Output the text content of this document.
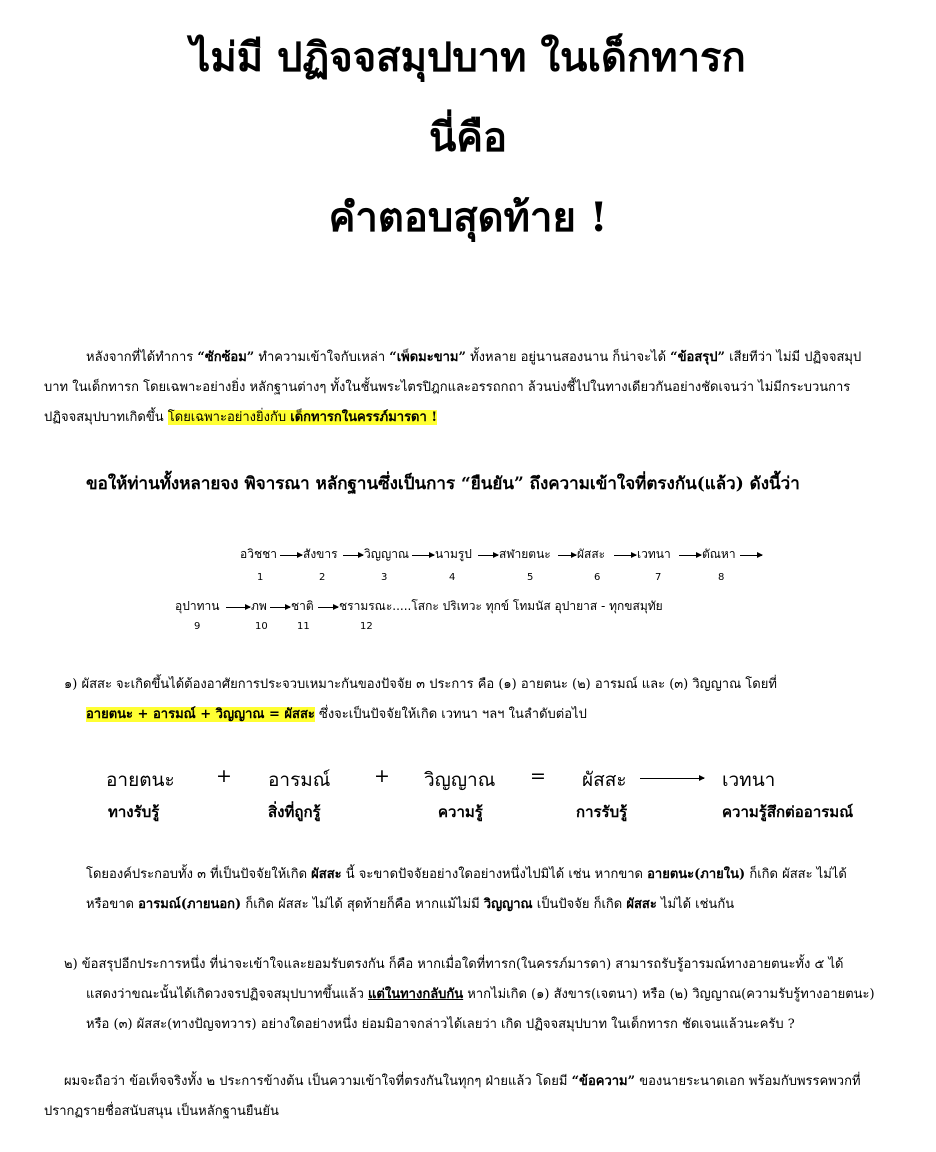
ไม่มี ปฏิจจสมุปบาท ในเด็กทารก
นี่คือ
คำตอบสุดท้าย !
หลังจากที่ได้ทำการ “ซักซ้อม” ทำความเข้าใจกับเหล่า “เพ็ดมะขาม” ทั้งหลาย อยู่นานสองนาน ก็น่าจะได้ “ข้อสรุป” เสียทีว่า ไม่มี ปฏิจจสมุป
บาท ในเด็กทารก โดยเฉพาะอย่างยิ่ง หลักฐานต่างๆ ทั้งในชั้นพระไตรปิฎกและอรรถกถา ล้วนบ่งชี้ไปในทางเดียวกันอย่างชัดเจนว่า ไม่มีกระบวนการ
ปฏิจจสมุปบาทเกิดขึ้น โดยเฉพาะอย่างยิ่งกับ เด็กทารกในครรภ์มารดา !
ขอให้ท่านทั้งหลายจง พิจารณา หลักฐานซึ่งเป็นการ “ยืนยัน” ถึงความเข้าใจที่ตรงกัน(แล้ว) ดังนี้ว่า
อวิชชา สังขาร วิญญาณ นามรูป สฬายตนะ ผัสสะ	เวทนา	ตัณหา
1	2	3	4	5	6	7	8
อุปาทาน	ภพ ชาติ ชรามรณะ.....โสกะ ปริเทวะ ทุกข์ โทมนัส อุปายาส - ทุกขสมุทัย
9	10	11	12
๑) ผัสสะ จะเกิดขึ้นได้ต้องอาศัยการประจวบเหมาะกันของปัจจัย ๓ ประการ คือ (๑) อายตนะ (๒) อารมณ์ และ (๓) วิญญาณ โดยที่
อายตนะ + อารมณ์ + วิญญาณ = ผัสสะ ซึ่งจะเป็นปัจจัยให้เกิด เวทนา ฯลฯ ในลำดับต่อไป
อายตนะ + อารมณ์ + วิญญาณ = ผัสสะ	เวทนา
ทางรับรู้	สิ่งที่ถูกรู้	ความรู้	การรับรู้	ความรู้สึกต่ออารมณ์
โดยองค์ประกอบทั้ง ๓ ที่เป็นปัจจัยให้เกิด ผัสสะ นี้ จะขาดปัจจัยอย่างใดอย่างหนึ่งไปมิได้ เช่น หากขาด อายตนะ(ภายใน) ก็เกิด ผัสสะ ไม่ได้
หรือขาด อารมณ์(ภายนอก) ก็เกิด ผัสสะ ไม่ได้ สุดท้ายก็คือ หากแม้ไม่มี วิญญาณ เป็นปัจจัย ก็เกิด ผัสสะ ไม่ได้ เช่นกัน
๒) ข้อสรุปอีกประการหนึ่ง ที่น่าจะเข้าใจและยอมรับตรงกัน ก็คือ หากเมื่อใดที่ทารก(ในครรภ์มารดา) สามารถรับรู้อารมณ์ทางอายตนะทั้ง ๕ ได้
แสดงว่าขณะนั้นได้เกิดวงจรปฏิจจสมุปบาทขึ้นแล้ว แต่ในทางกลับกัน หากไม่เกิด (๑) สังขาร(เจตนา) หรือ (๒) วิญญาณ(ความรับรู้ทางอายตนะ)
หรือ (๓) ผัสสะ(ทางปัญจทวาร) อย่างใดอย่างหนึ่ง ย่อมมิอาจกล่าวได้เลยว่า เกิด ปฏิจจสมุปบาท ในเด็กทารก ชัดเจนแล้วนะครับ ?
ผมจะถือว่า ข้อเท็จจริงทั้ง ๒ ประการข้างต้น เป็นความเข้าใจที่ตรงกันในทุกๆ ฝ่ายแล้ว โดยมี “ข้อความ” ของนายระนาดเอก พร้อมกับพรรคพวกที่
ปรากฏรายชื่อสนับสนุน เป็นหลักฐานยืนยัน
